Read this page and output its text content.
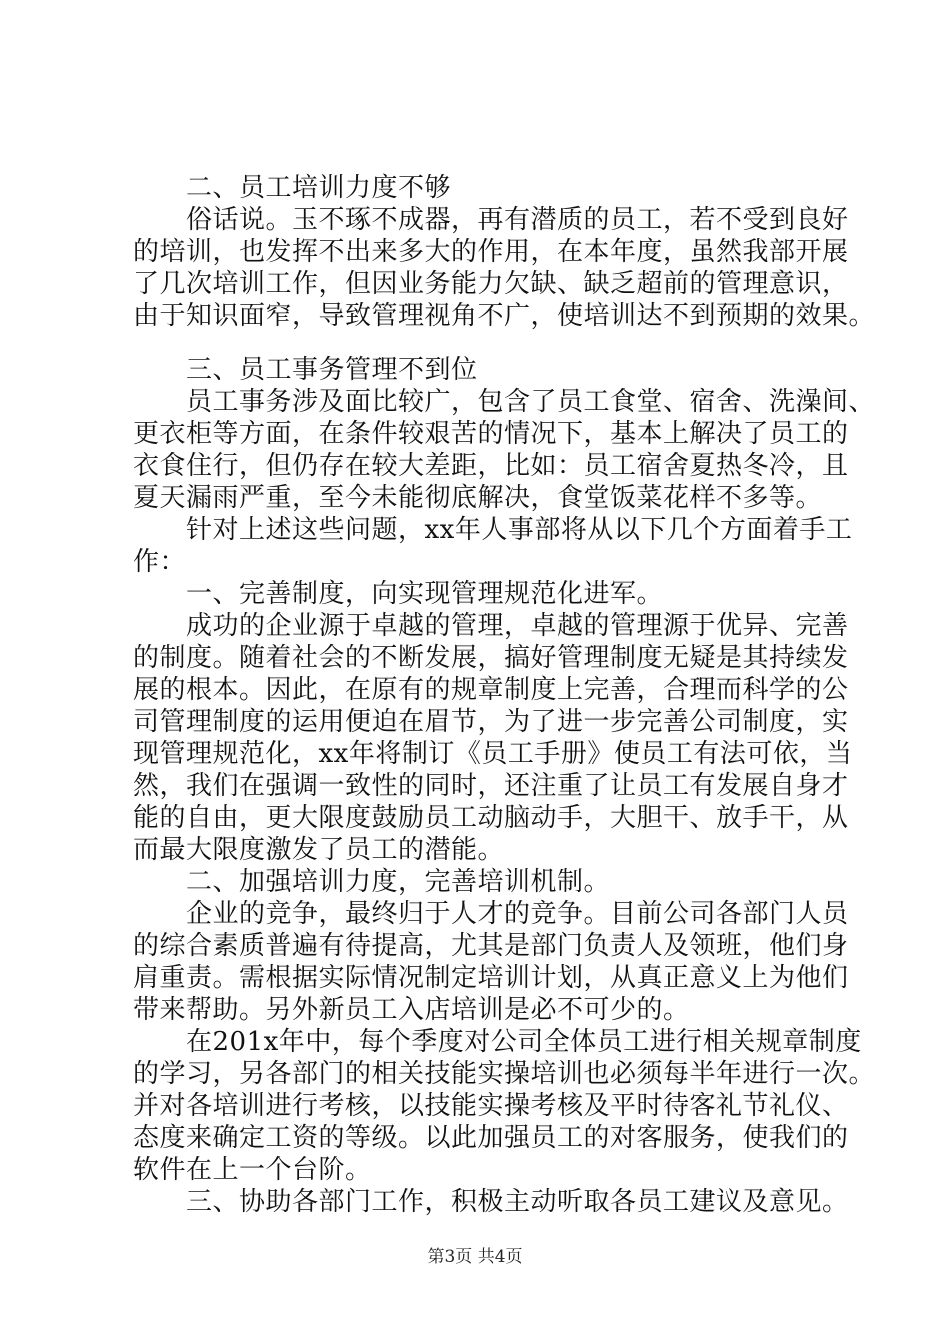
　　二、员工培训力度不够
　　俗话说。玉不琢不成器，再有潜质的员工，若不受到良好
的培训，也发挥不出来多大的作用，在本年度，虽然我部开展
了几次培训工作，但因业务能力欠缺、缺乏超前的管理意识，
由于知识面窄，导致管理视角不广，使培训达不到预期的效果。
　　三、员工事务管理不到位
　　员工事务涉及面比较广，包含了员工食堂、宿舍、洗澡间、
更衣柜等方面，在条件较艰苦的情况下，基本上解决了员工的
衣食住行，但仍存在较大差距，比如：员工宿舍夏热冬冷，且
夏天漏雨严重，至今未能彻底解决，食堂饭菜花样不多等。
　　针对上述这些问题，xx年人事部将从以下几个方面着手工
作：
　　一、完善制度，向实现管理规范化进军。
　　成功的企业源于卓越的管理，卓越的管理源于优异、完善
的制度。随着社会的不断发展，搞好管理制度无疑是其持续发
展的根本。因此，在原有的规章制度上完善，合理而科学的公
司管理制度的运用便迫在眉节，为了进一步完善公司制度，实
现管理规范化，xx年将制订《员工手册》使员工有法可依，当
然，我们在强调一致性的同时，还注重了让员工有发展自身才
能的自由，更大限度鼓励员工动脑动手，大胆干、放手干，从
而最大限度激发了员工的潜能。
　　二、加强培训力度，完善培训机制。
　　企业的竞争，最终归于人才的竞争。目前公司各部门人员
的综合素质普遍有待提高，尤其是部门负责人及领班，他们身
肩重责。需根据实际情况制定培训计划，从真正意义上为他们
带来帮助。另外新员工入店培训是必不可少的。
　　在201x年中，每个季度对公司全体员工进行相关规章制度
的学习，另各部门的相关技能实操培训也必须每半年进行一次。
并对各培训进行考核，以技能实操考核及平时待客礼节礼仪、
态度来确定工资的等级。以此加强员工的对客服务，使我们的
软件在上一个台阶。
　　三、协助各部门工作，积极主动听取各员工建议及意见。
第3页 共4页
